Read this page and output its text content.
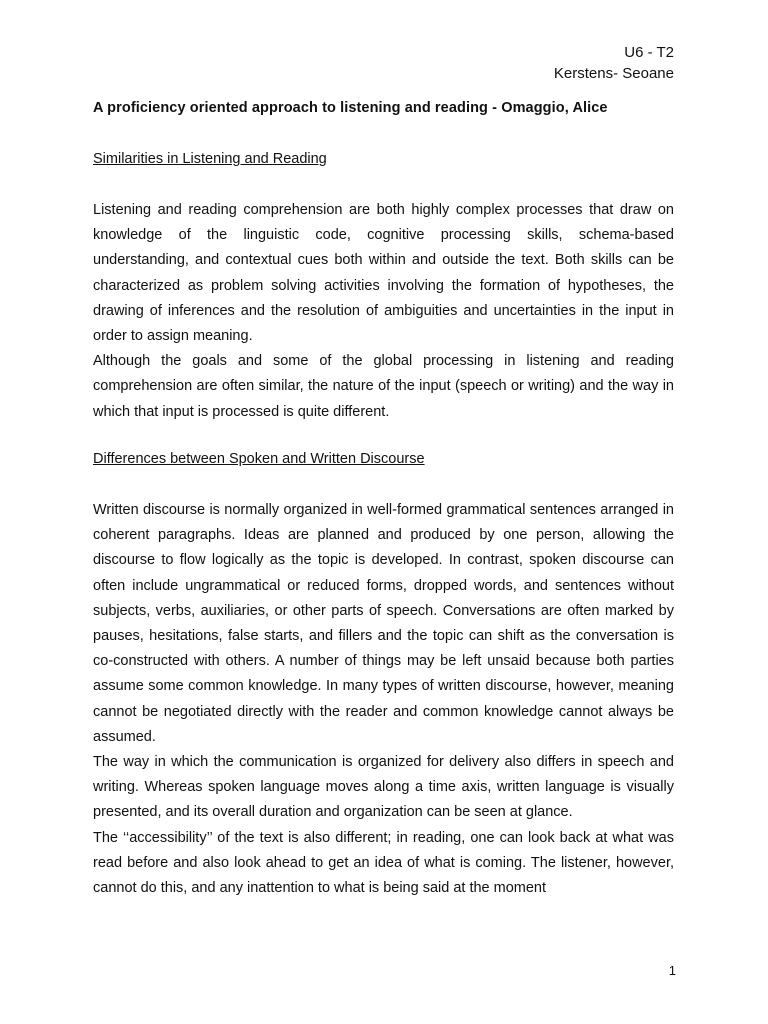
U6 - T2
Kerstens- Seoane
A proficiency oriented approach to listening and reading - Omaggio, Alice
Similarities in Listening and Reading

Listening and reading comprehension are both highly complex processes that draw on knowledge of the linguistic code, cognitive processing skills, schema-based understanding, and contextual cues both within and outside the text. Both skills can be characterized as problem solving activities involving the formation of hypotheses, the drawing of inferences and the resolution of ambiguities and uncertainties in the input in order to assign meaning.

Although the goals and some of the global processing in listening and reading comprehension are often similar, the nature of the input (speech or writing) and the way in which that input is processed is quite different.

Differences between Spoken and Written Discourse

Written discourse is normally organized in well-formed grammatical sentences arranged in coherent paragraphs. Ideas are planned and produced by one person, allowing the discourse to flow logically as the topic is developed. In contrast, spoken discourse can often include ungrammatical or reduced forms, dropped words, and sentences without subjects, verbs, auxiliaries, or other parts of speech. Conversations are often marked by pauses, hesitations, false starts, and fillers and the topic can shift as the conversation is co-constructed with others. A number of things may be left unsaid because both parties assume some common knowledge. In many types of written discourse, however, meaning cannot be negotiated directly with the reader and common knowledge cannot always be assumed.

The way in which the communication is organized for delivery also differs in speech and writing. Whereas spoken language moves along a time axis, written language is visually presented, and its overall duration and organization can be seen at glance.

The ‘‘accessibility’’ of the text is also different; in reading, one can look back at what was read before and also look ahead to get an idea of what is coming. The listener, however, cannot do this, and any inattention to what is being said at the moment

1
